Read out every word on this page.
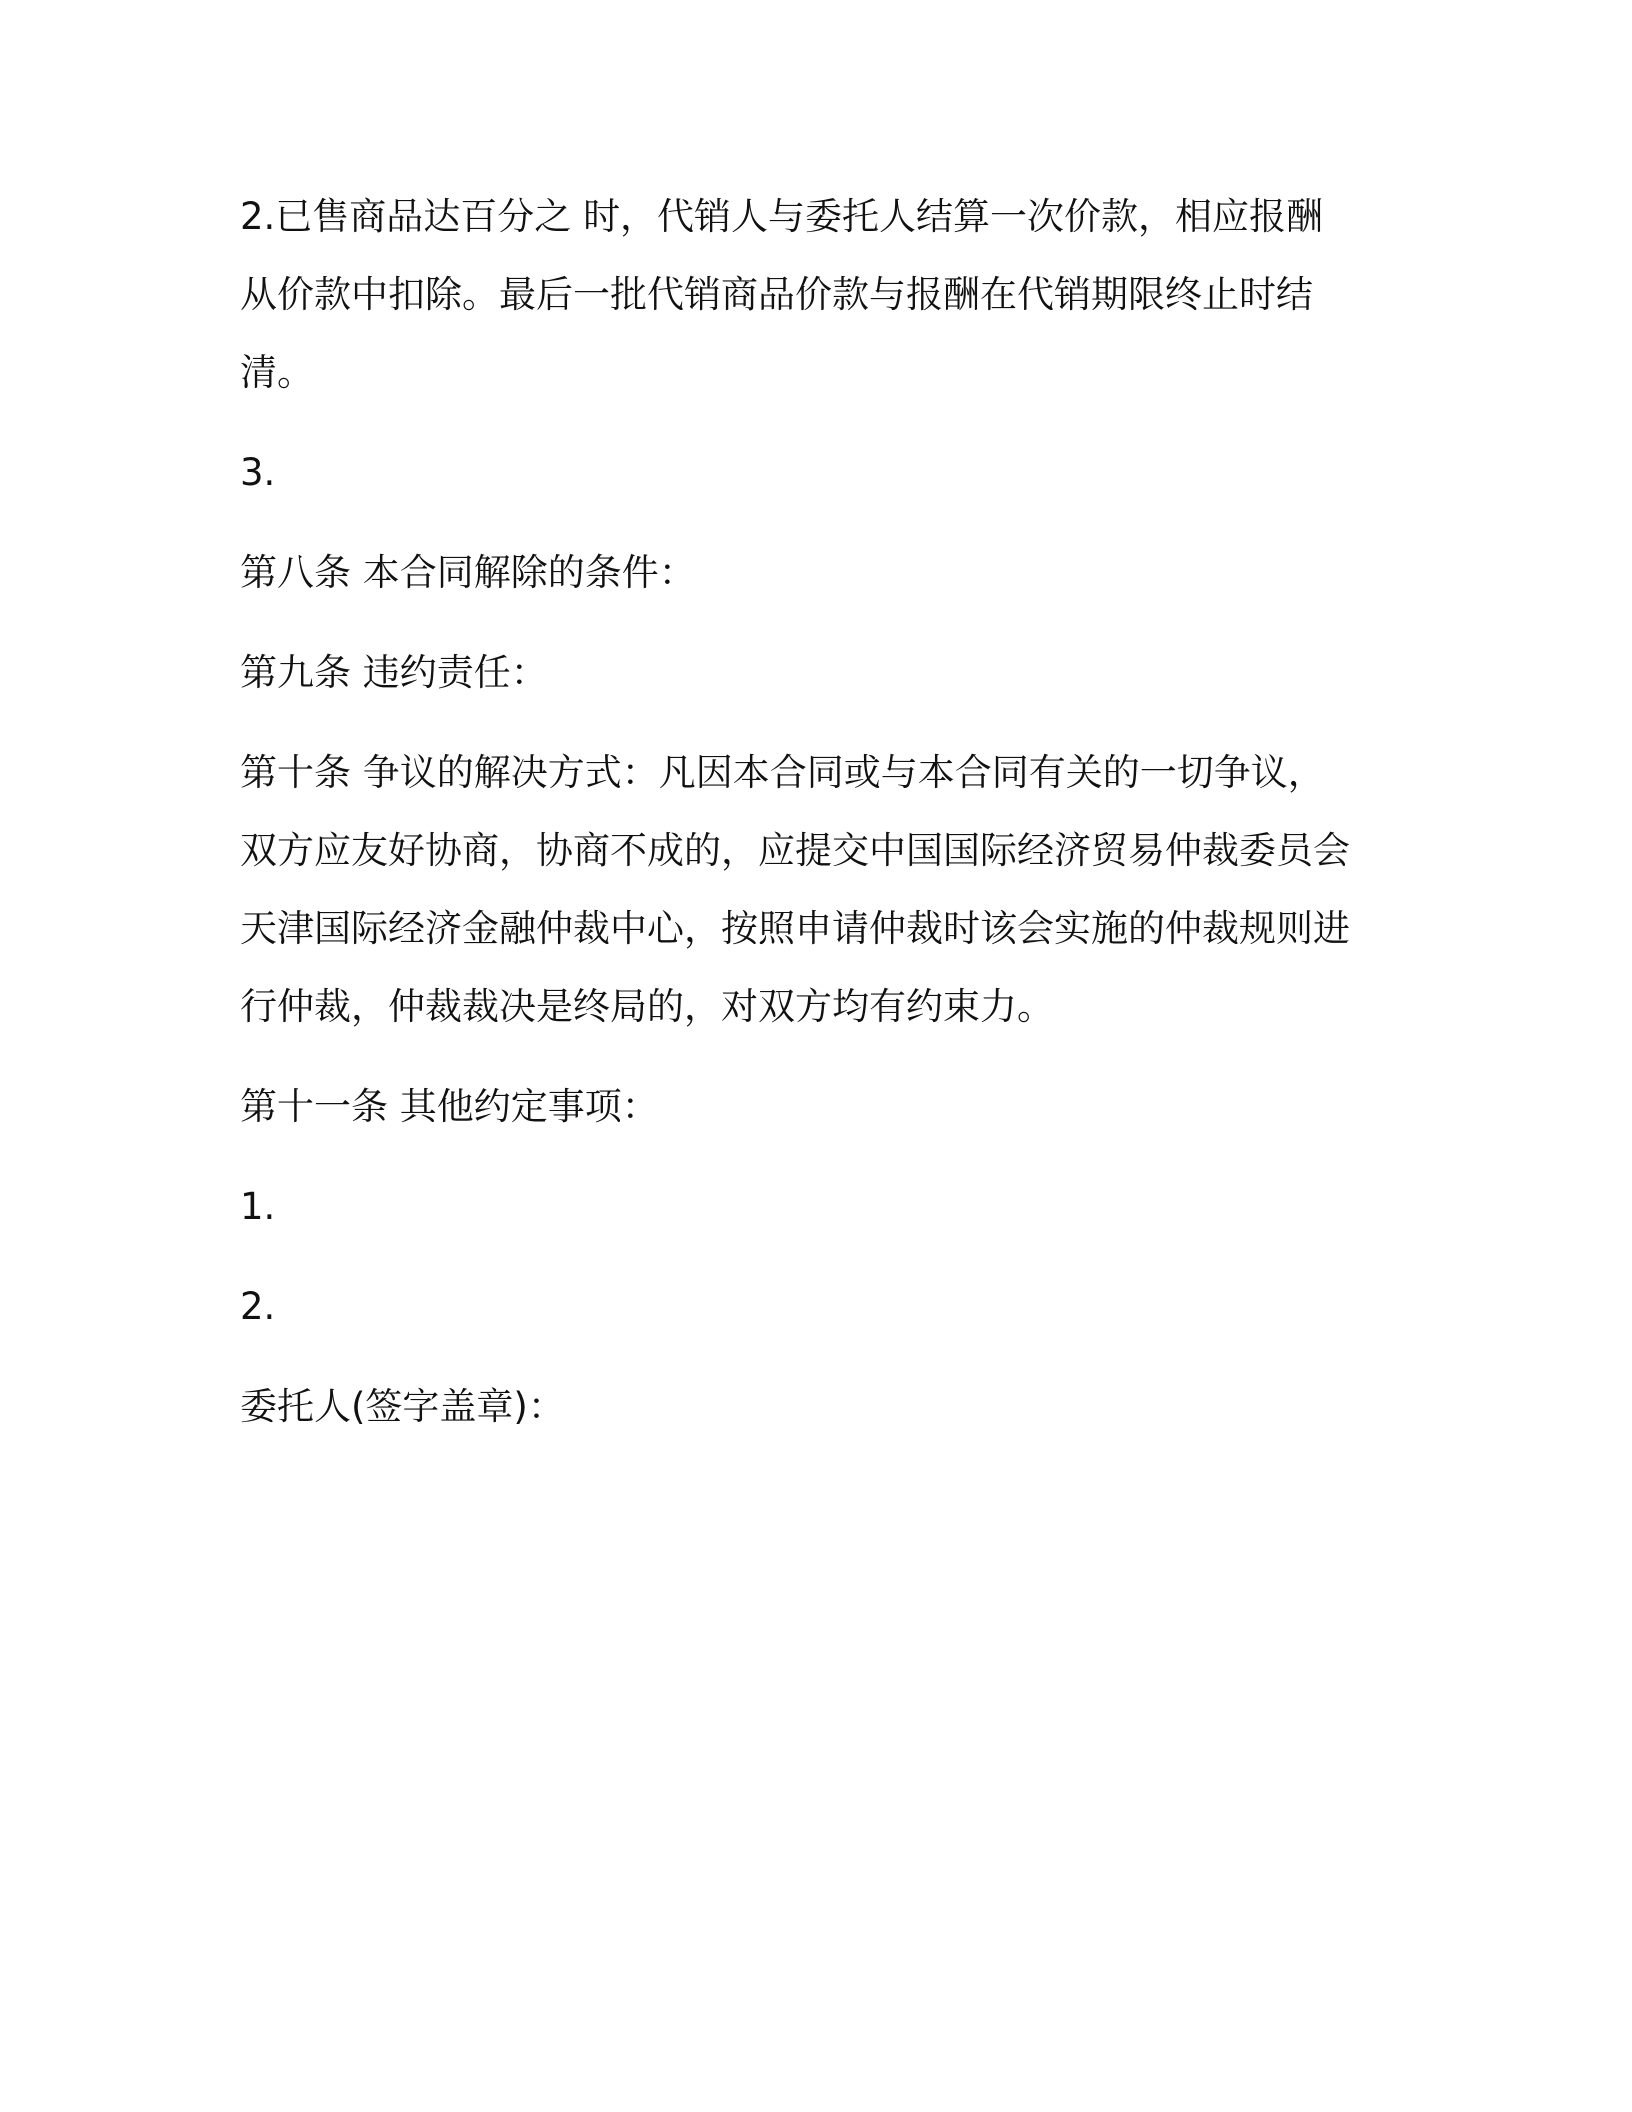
2.已售商品达百分之 时，代销人与委托人结算一次价款，相应报酬从价款中扣除。最后一批代销商品价款与报酬在代销期限终止时结清。

3.

第八条 本合同解除的条件：

第九条 违约责任：

第十条 争议的解决方式：凡因本合同或与本合同有关的一切争议，双方应友好协商，协商不成的，应提交中国国际经济贸易仲裁委员会天津国际经济金融仲裁中心，按照申请仲裁时该会实施的仲裁规则进行仲裁，仲裁裁决是终局的，对双方均有约束力。

第十一条 其他约定事项：

1.

2.

委托人(签字盖章)：
